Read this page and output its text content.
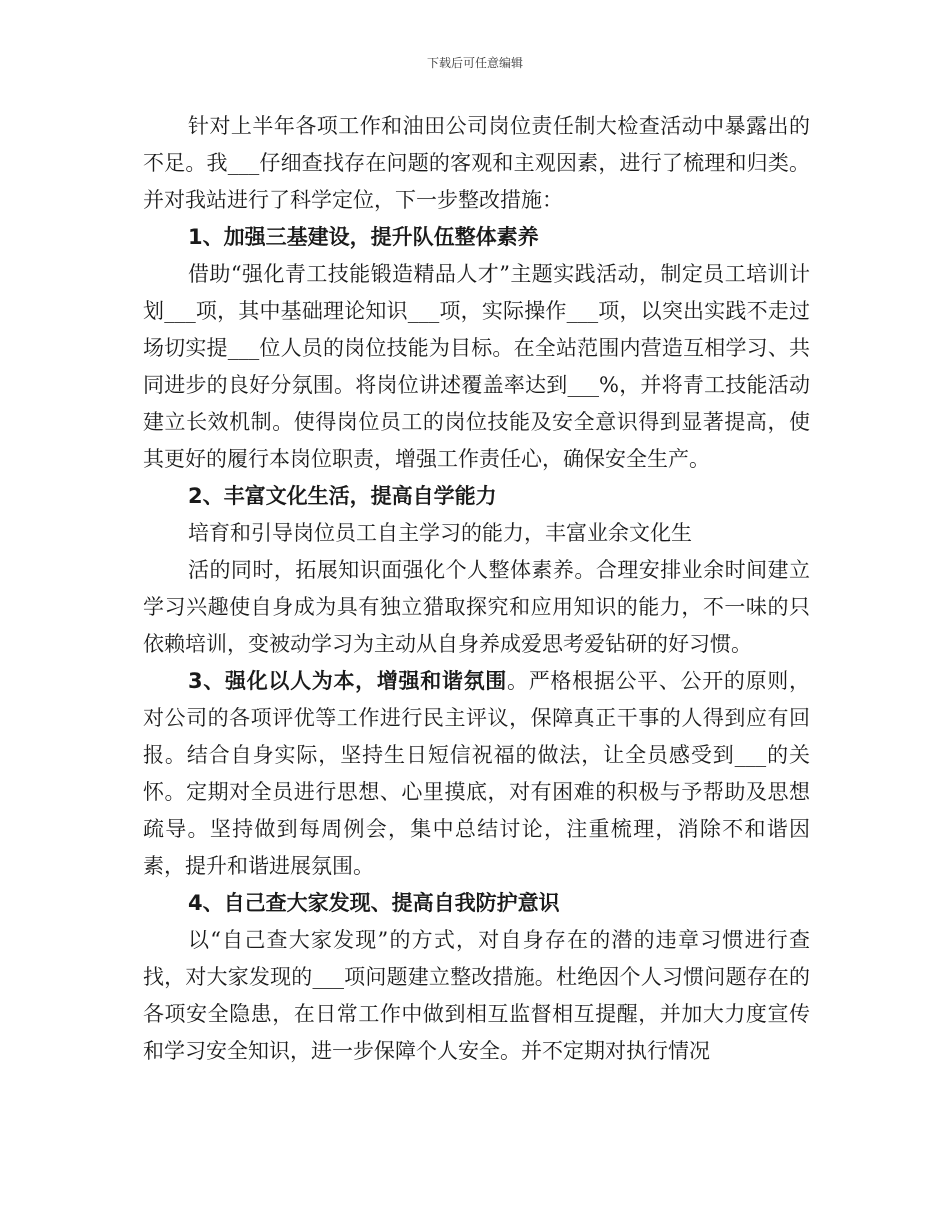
下载后可任意编辑

针对上半年各项工作和油田公司岗位责任制大检查活动中暴露出的不足。我___仔细查找存在问题的客观和主观因素，进行了梳理和归类。并对我站进行了科学定位，下一步整改措施：

1、加强三基建设，提升队伍整体素养

借助“强化青工技能锻造精品人才”主题实践活动，制定员工培训计划___项，其中基础理论知识___项，实际操作___项，以突出实践不走过场切实提___位人员的岗位技能为目标。在全站范围内营造互相学习、共同进步的良好分氛围。将岗位讲述覆盖率达到___%，并将青工技能活动建立长效机制。使得岗位员工的岗位技能及安全意识得到显著提高，使其更好的履行本岗位职责，增强工作责任心，确保安全生产。

2、丰富文化生活，提高自学能力

培育和引导岗位员工自主学习的能力，丰富业余文化生

活的同时，拓展知识面强化个人整体素养。合理安排业余时间建立学习兴趣使自身成为具有独立猎取探究和应用知识的能力，不一味的只依赖培训，变被动学习为主动从自身养成爱思考爱钻研的好习惯。

3、强化以人为本，增强和谐氛围。严格根据公平、公开的原则，对公司的各项评优等工作进行民主评议，保障真正干事的人得到应有回报。结合自身实际，坚持生日短信祝福的做法，让全员感受到___的关怀。定期对全员进行思想、心里摸底，对有困难的积极与予帮助及思想疏导。坚持做到每周例会，集中总结讨论，注重梳理，消除不和谐因素，提升和谐进展氛围。

4、自己查大家发现、提高自我防护意识

以“自己查大家发现”的方式，对自身存在的潜的违章习惯进行查找，对大家发现的___项问题建立整改措施。杜绝因个人习惯问题存在的各项安全隐患，在日常工作中做到相互监督相互提醒，并加大力度宣传和学习安全知识，进一步保障个人安全。并不定期对执行情况
